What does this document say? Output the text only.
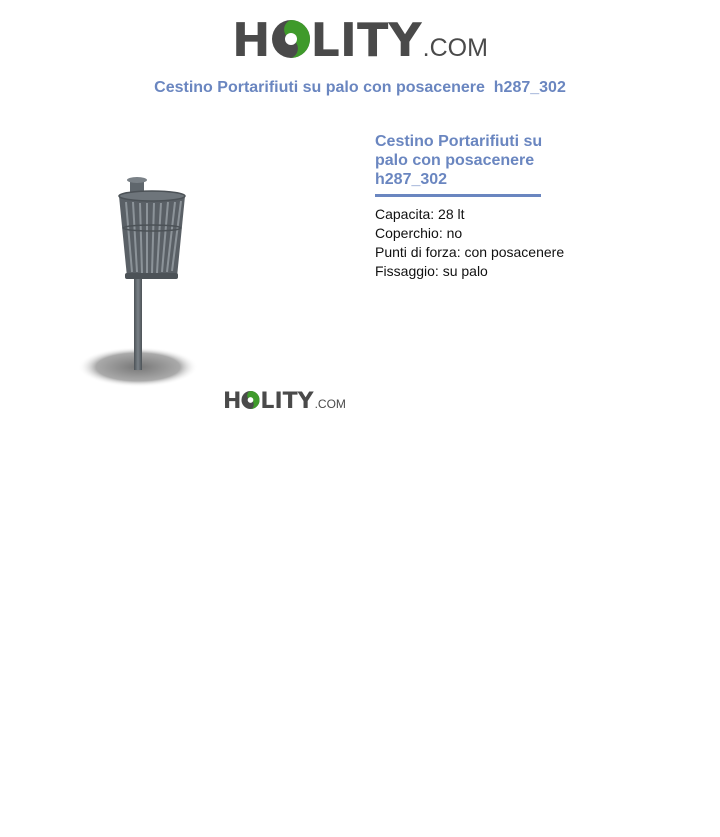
H LITY .COM
Cestino Portarifiuti su palo con posacenere  h287_302
H LITY .COM
Cestino Portarifiuti su
palo con posacenere
h287_302
Capacita: 28 lt
Coperchio: no
Punti di forza: con posacenere
Fissaggio: su palo
